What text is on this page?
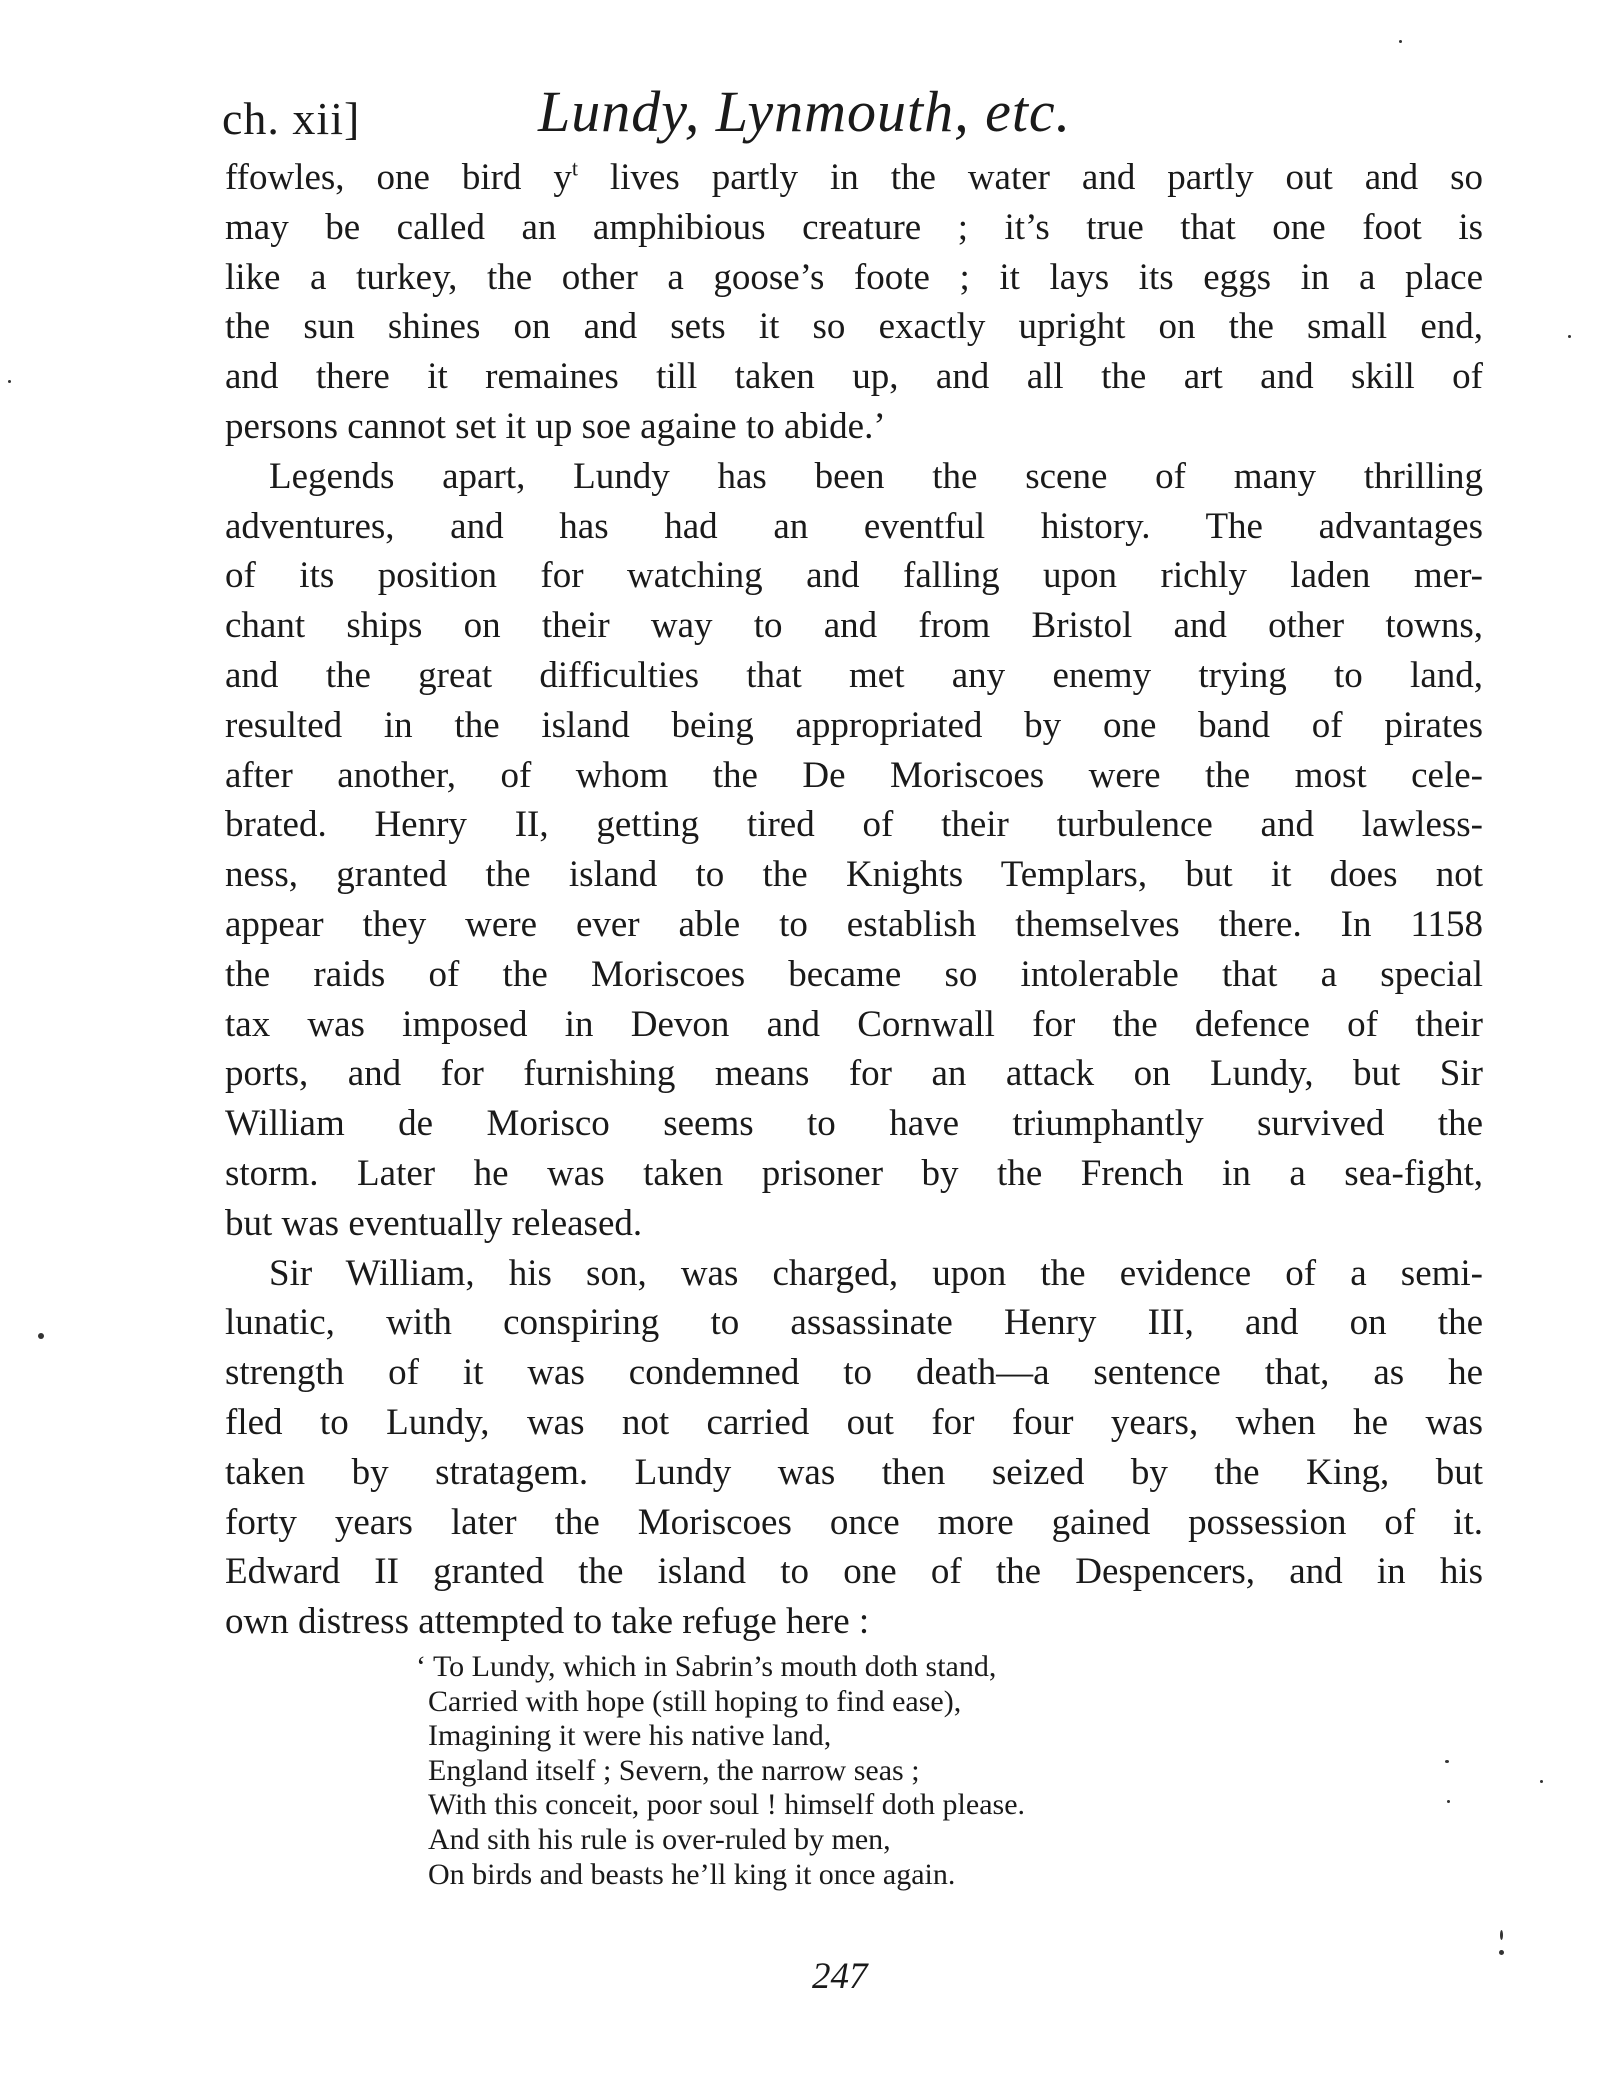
ch. xii]	Lundy, Lynmouth, etc.
ffowles, one bird $y^t$ lives partly in the water and partly out and so
may be called an amphibious creature ; it’s true that one foot is
like a turkey, the other a goose’s foote ; it lays its eggs in a place
the sun shines on and sets it so exactly upright on the small end,
and there it remaines till taken up, and all the art and skill of
persons cannot set it up soe againe to abide.’
Legends apart, Lundy has been the scene of many thrilling
adventures, and has had an eventful history. The advantages
of its position for watching and falling upon richly laden mer-
chant ships on their way to and from Bristol and other towns,
and the great difficulties that met any enemy trying to land,
resulted in the island being appropriated by one band of pirates
after another, of whom the De Moriscoes were the most cele-
brated. Henry II, getting tired of their turbulence and lawless-
ness, granted the island to the Knights Templars, but it does not
appear they were ever able to establish themselves there. In 1158
the raids of the Moriscoes became so intolerable that a special
tax was imposed in Devon and Cornwall for the defence of their
ports, and for furnishing means for an attack on Lundy, but Sir
William de Morisco seems to have triumphantly survived the
storm. Later he was taken prisoner by the French in a sea-fight,
but was eventually released.
Sir William, his son, was charged, upon the evidence of a semi-
lunatic, with conspiring to assassinate Henry III, and on the
strength of it was condemned to death—a sentence that, as he
fled to Lundy, was not carried out for four years, when he was
taken by stratagem. Lundy was then seized by the King, but
forty years later the Moriscoes once more gained possession of it.
Edward II granted the island to one of the Despencers, and in his
own distress attempted to take refuge here :
‘ To Lundy, which in Sabrin’s mouth doth stand,
Carried with hope (still hoping to find ease),
Imagining it were his native land,
England itself ; Severn, the narrow seas ;
With this conceit, poor soul ! himself doth please.
And sith his rule is over-ruled by men,
On birds and beasts he’ll king it once again.
247
